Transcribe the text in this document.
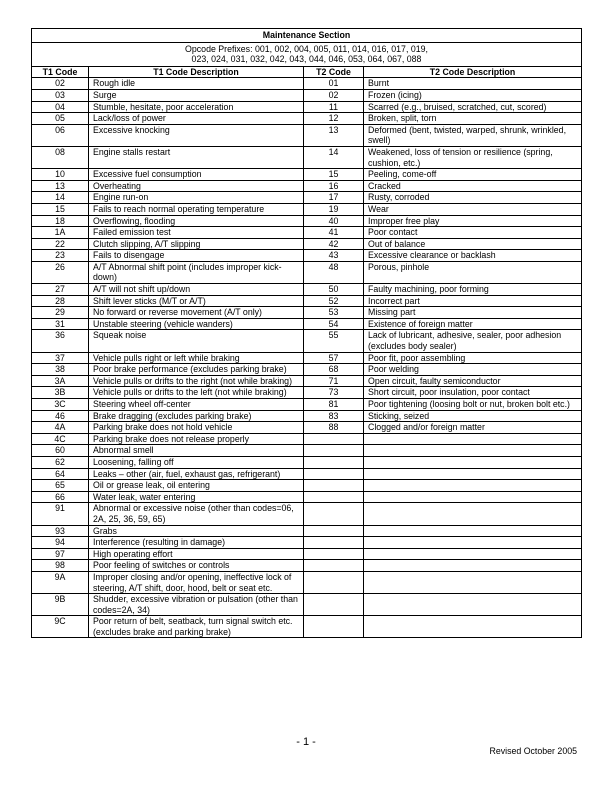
Maintenance Section			

Opcode Prefixes: 001, 002, 004, 005, 011, 014, 016, 017, 019,
023, 024, 031, 032, 042, 043, 044, 046, 053, 064, 067, 088			

T1 Code	T1 Code Description	T2 Code	T2 Code Description
02	Rough idle	01	Burnt
03	Surge	02	Frozen (icing)
04	Stumble, hesitate, poor acceleration	11	Scarred (e.g., bruised, scratched, cut, scored)
05	Lack/loss of power	12	Broken, split, torn
06	Excessive knocking	13	Deformed (bent, twisted, warped, shrunk, wrinkled, swell)
08	Engine stalls restart	14	Weakened, loss of tension or resilience (spring, cushion, etc.)
10	Excessive fuel consumption	15	Peeling, come-off
13	Overheating	16	Cracked
14	Engine run-on	17	Rusty, corroded
15	Fails to reach normal operating temperature	19	Wear
18	Overflowing, flooding	40	Improper free play
1A	Failed emission test	41	Poor contact
22	Clutch slipping, A/T slipping	42	Out of balance
23	Fails to disengage	43	Excessive clearance or backlash
26	A/T Abnormal shift point (includes improper kick-down)	48	Porous, pinhole
27	A/T will not shift up/down	50	Faulty machining, poor forming
28	Shift lever sticks (M/T or A/T)	52	Incorrect part
29	No forward or reverse movement (A/T only)	53	Missing part
31	Unstable steering (vehicle wanders)	54	Existence of foreign matter
36	Squeak noise	55	Lack of lubricant, adhesive, sealer, poor adhesion (excludes body sealer)
37	Vehicle pulls right or left while braking	57	Poor fit, poor assembling
38	Poor brake performance (excludes parking brake)	68	Poor welding
3A	Vehicle pulls or drifts to the right (not while braking)	71	Open circuit, faulty semiconductor
3B	Vehicle pulls or drifts to the left (not while braking)	73	Short circuit, poor insulation, poor contact
3C	Steering wheel off-center	81	Poor tightening (loosing bolt or nut, broken bolt etc.)
46	Brake dragging (excludes parking brake)	83	Sticking, seized
4A	Parking brake does not hold vehicle	88	Clogged and/or foreign matter
4C	Parking brake does not release properly		
60	Abnormal smell		
62	Loosening, falling off		
64	Leaks – other (air, fuel, exhaust gas, refrigerant)		
65	Oil or grease leak, oil entering		
66	Water leak, water entering		
91	Abnormal or excessive noise (other than codes=06, 2A, 25, 36, 59, 65)		
93	Grabs		
94	Interference (resulting in damage)		
97	High operating effort		
98	Poor feeling of switches or controls		
9A	Improper closing and/or opening, ineffective lock of steering, A/T shift, door, hood, belt or seat etc.		
9B	Shudder, excessive vibration or pulsation (other than codes=2A, 34)		
9C	Poor return of belt, seatback, turn signal switch etc. (excludes brake and parking brake)		
- 1 -
Revised October 2005
